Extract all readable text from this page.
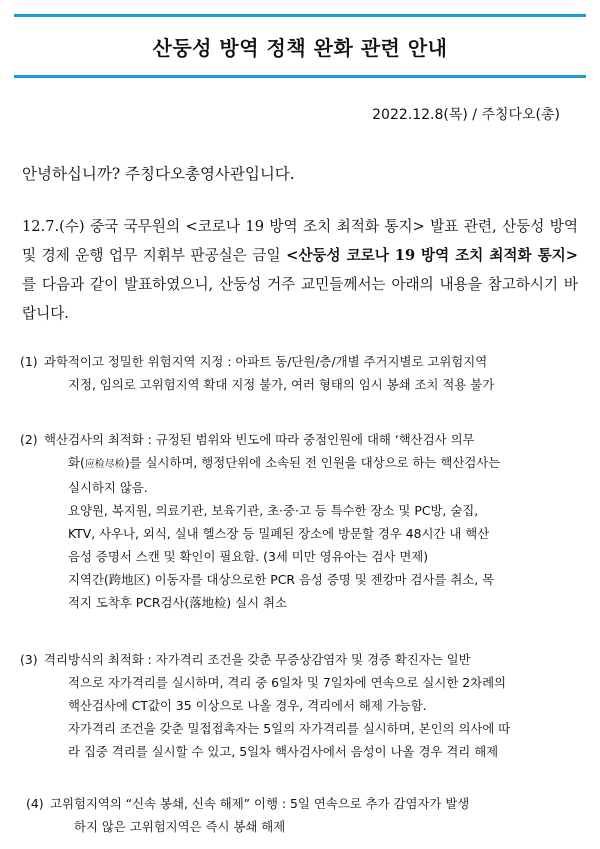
산둥성 방역 정책 완화 관련 안내
2022.12.8(목) / 주칭다오(총)
안녕하십니까? 주칭다오총영사관입니다.
12.7.(수) 중국 국무원의 <코로나 19 방역 조치 최적화 통지> 발표 관련, 산둥성 방역 및 경제 운행 업무 지휘부 판공실은 금일 <산둥성 코로나 19 방역 조치 최적화 통지>를 다음과 같이 발표하였으니, 산둥성 거주 교민들께서는 아래의 내용을 참고하시기 바랍니다.
(1) 과학적이고 정밀한 위험지역 지정 : 아파트 동/단원/층/개별 주거지별로 고위험지역
지정, 임의로 고위험지역 확대 지정 불가, 여러 형태의 임시 봉쇄 조치 적용 불가
(2) 핵산검사의 최적화 : 규정된 범위와 빈도에 따라 중점인원에 대해 ‘핵산검사 의무
화(应检尽检)를 실시하며, 행정단위에 소속된 전 인원을 대상으로 하는 핵산검사는
실시하지 않음.
요양원, 복지원, 의료기관, 보육기관, 초·중·고 등 특수한 장소 및 PC방, 술집,
KTV, 사우나, 외식, 실내 헬스장 등 밀폐된 장소에 방문할 경우 48시간 내 핵산
음성 증명서 스캔 및 확인이 필요함. (3세 미만 영유아는 검사 면제)
지역간(跨地区) 이동자를 대상으로한 PCR 음성 증명 및 젠캉마 검사를 취소, 목
적지 도착후 PCR검사(落地检) 실시 취소
(3) 격리방식의 최적화 : 자가격리 조건을 갖춘 무증상감염자 및 경증 확진자는 일반
적으로 자가격리를 실시하며, 격리 중 6일차 및 7일차에 연속으로 실시한 2차례의
핵산검사에 CT값이 35 이상으로 나올 경우, 격리에서 해제 가능함.
자가격리 조건을 갖춘 밀접접촉자는 5일의 자가격리를 실시하며, 본인의 의사에 따
라 집중 격리를 실시할 수 있고, 5일차 핵사검사에서 음성이 나올 경우 격리 해제
(4) 고위험지역의 “신속 봉쇄, 신속 해제” 이행 : 5일 연속으로 추가 감염자가 발생
하지 않은 고위험지역은 즉시 봉쇄 해제
